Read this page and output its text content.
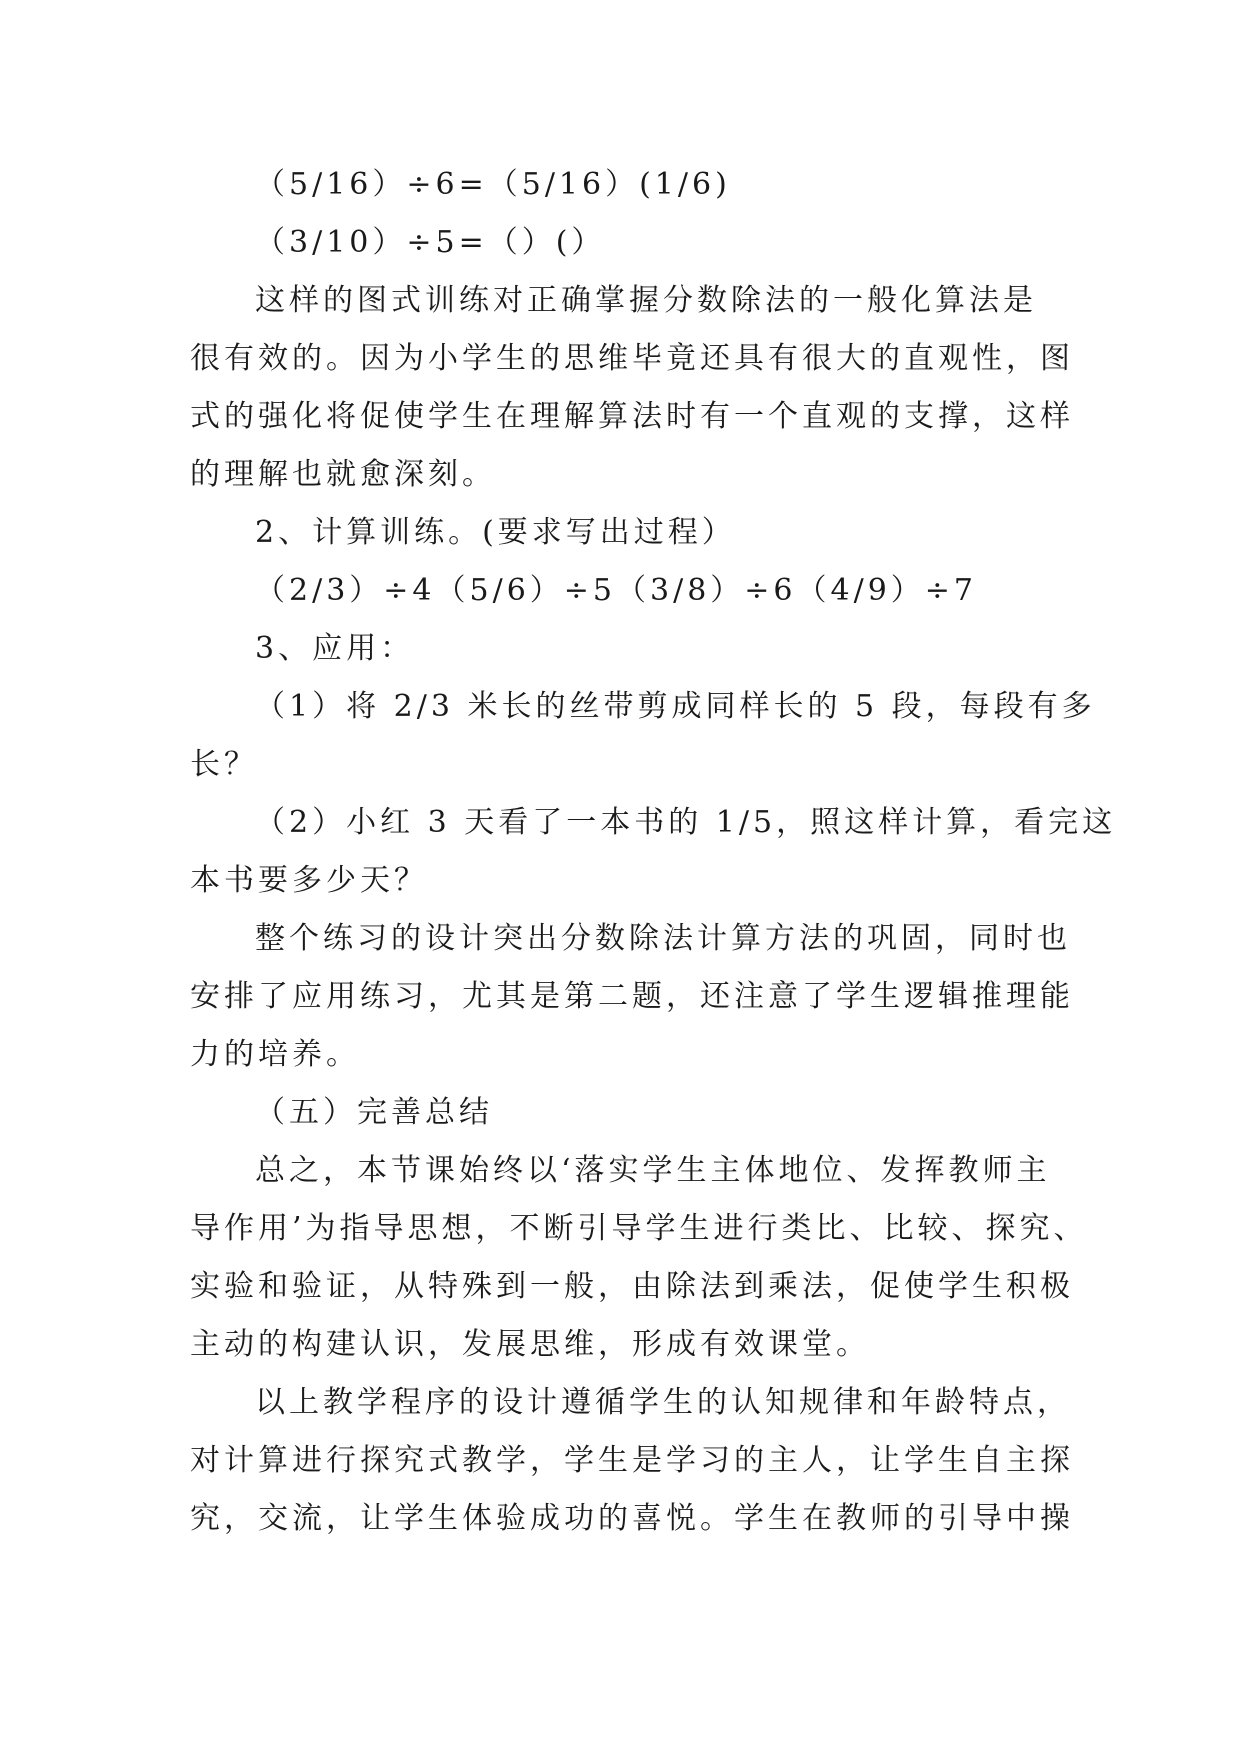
（5/16）÷6=（5/16）(1/6)
（3/10）÷5=（）(）
这样的图式训练对正确掌握分数除法的一般化算法是
很有效的。因为小学生的思维毕竟还具有很大的直观性，图
式的强化将促使学生在理解算法时有一个直观的支撑，这样
的理解也就愈深刻。
2、计算训练。(要求写出过程）
（2/3）÷4（5/6）÷5（3/8）÷6（4/9）÷7
3、应用：
（1）将 2/3 米长的丝带剪成同样长的 5 段，每段有多
长？
（2）小红 3 天看了一本书的 1/5，照这样计算，看完这
本书要多少天？
整个练习的设计突出分数除法计算方法的巩固，同时也
安排了应用练习，尤其是第二题，还注意了学生逻辑推理能
力的培养。
（五）完善总结
总之，本节课始终以‘落实学生主体地位、发挥教师主
导作用’为指导思想，不断引导学生进行类比、比较、探究、
实验和验证，从特殊到一般，由除法到乘法，促使学生积极
主动的构建认识，发展思维，形成有效课堂。
以上教学程序的设计遵循学生的认知规律和年龄特点，
对计算进行探究式教学，学生是学习的主人，让学生自主探
究，交流，让学生体验成功的喜悦。学生在教师的引导中操
